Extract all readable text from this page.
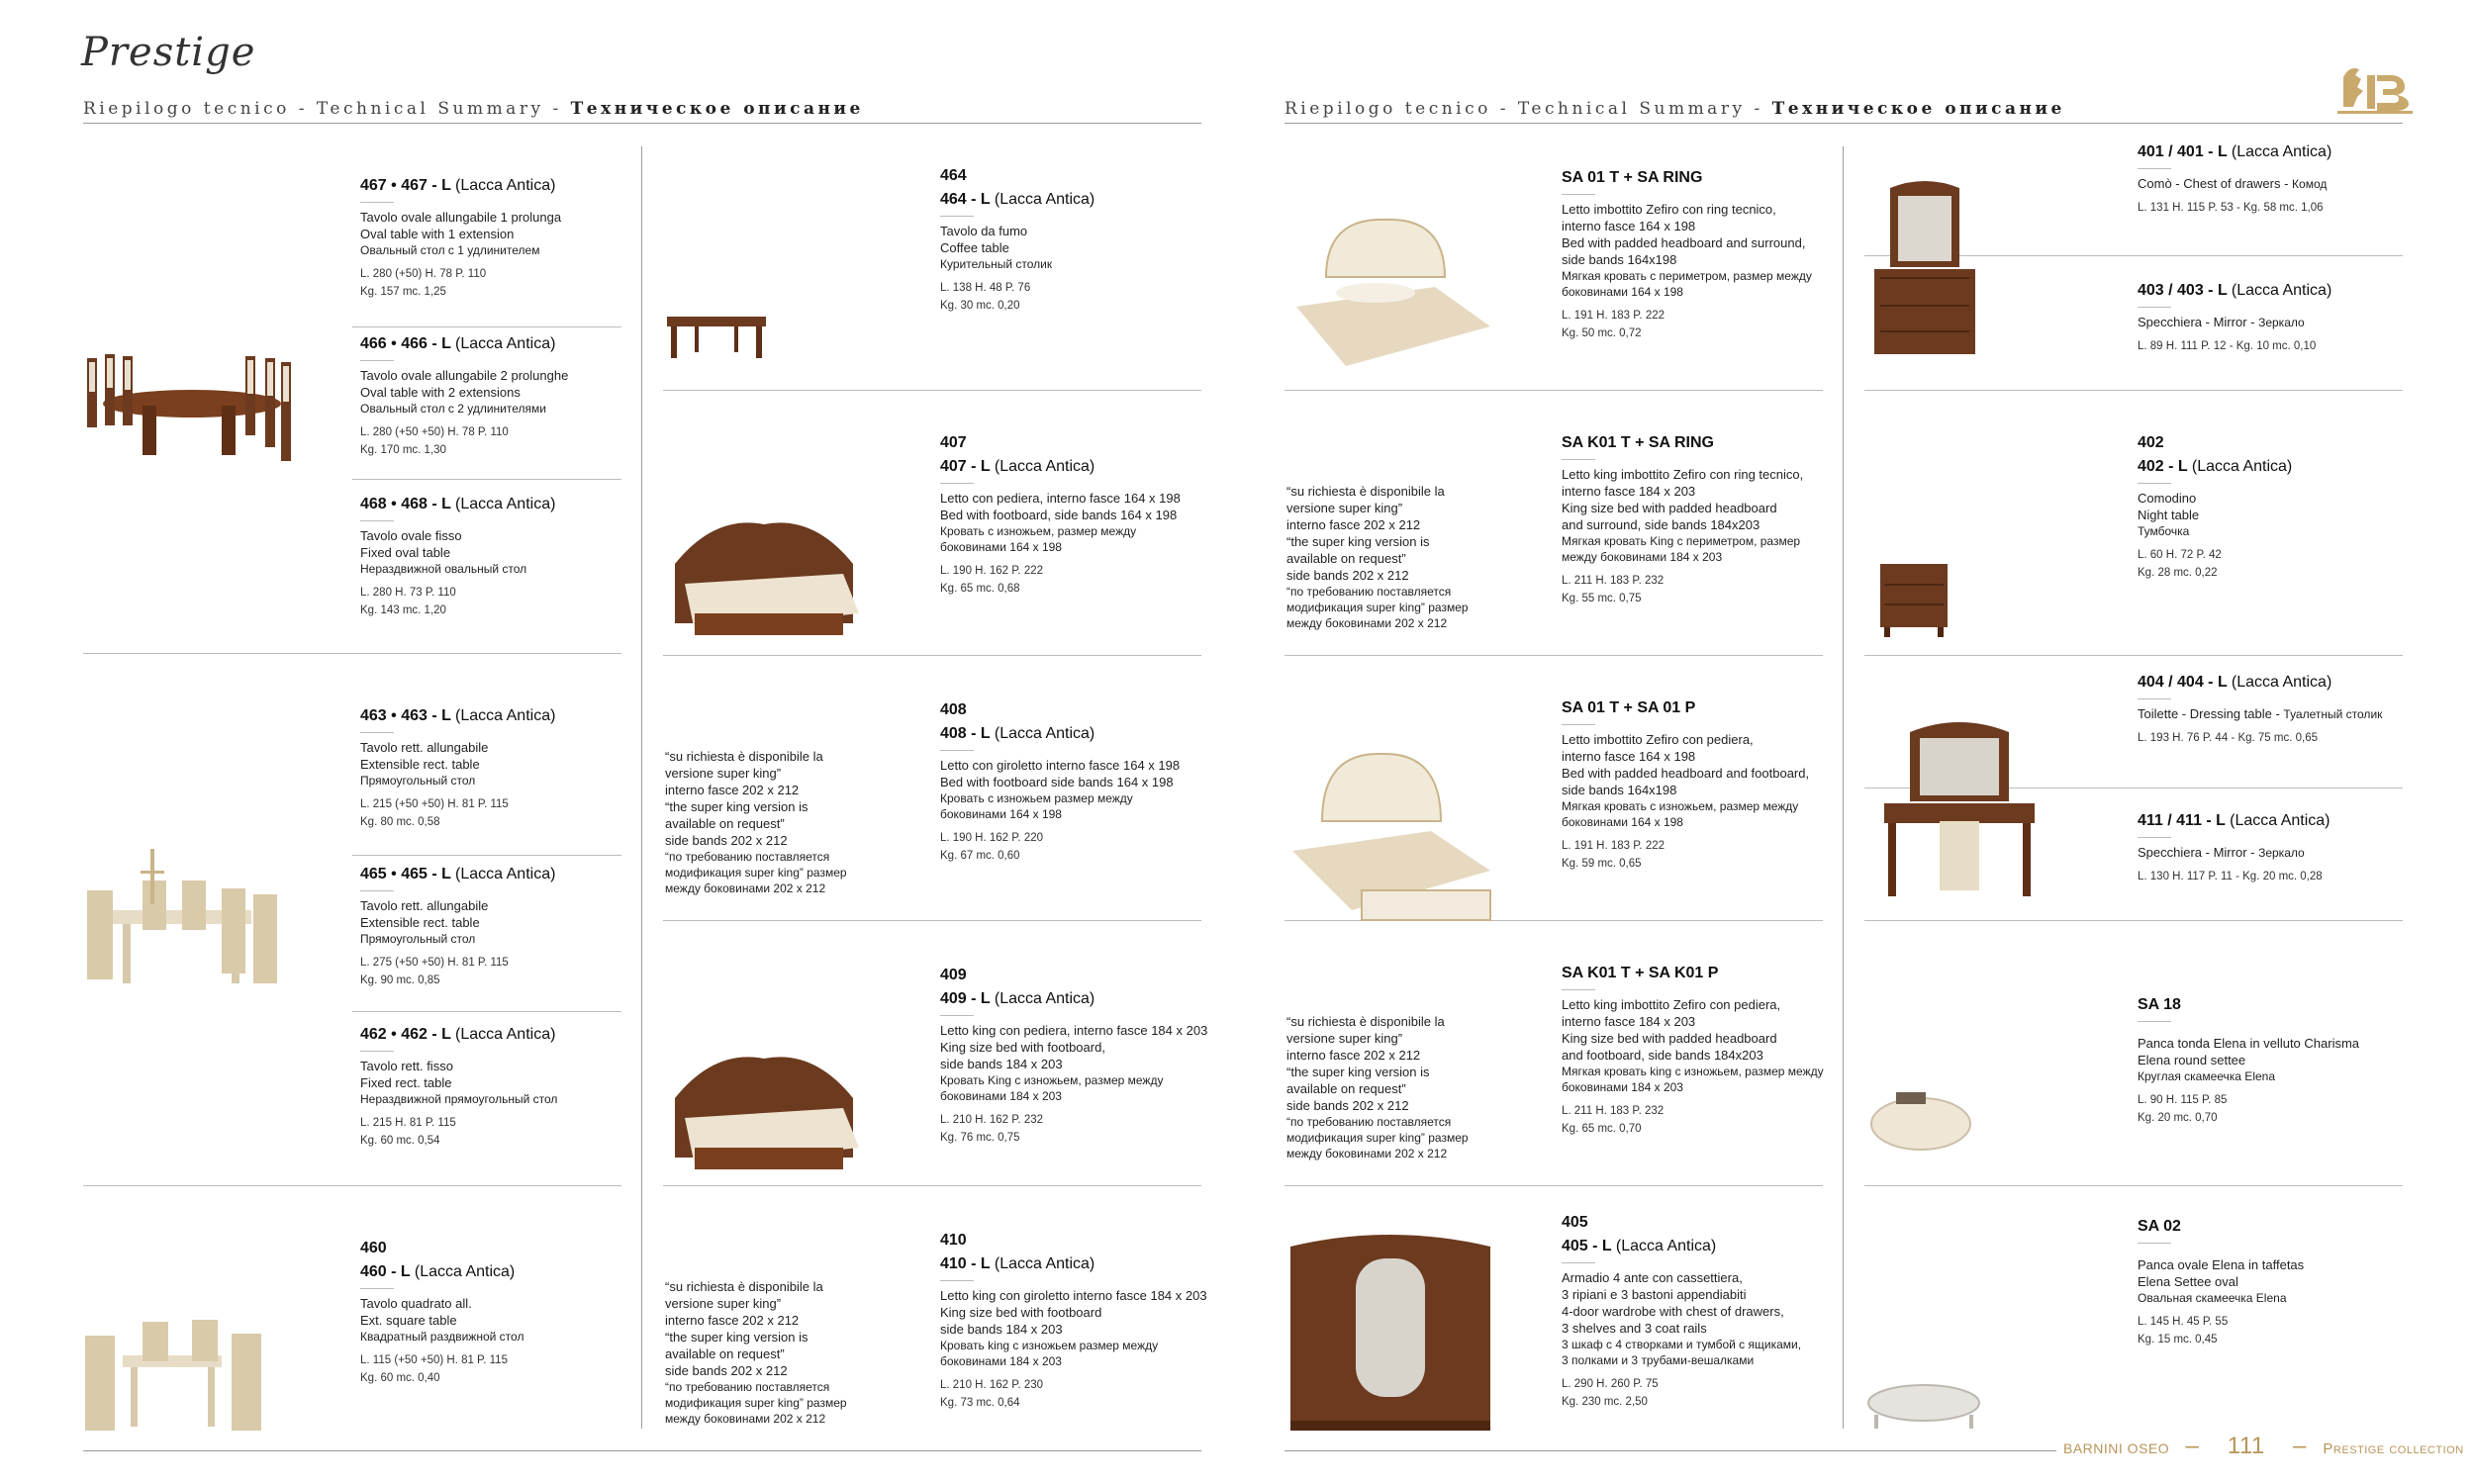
Prestige
Riepilogo tecnico - Technical Summary - Техническое описание	Riepilogo tecnico - Technical Summary - Техническое описание
467 • 467 - L (Lacca Antica)
Tavolo ovale allungabile 1 prolunga
Oval table with 1 extension
Овальный стол с 1 удлинителем
L. 280 (+50) H. 78 P. 110
Kg. 157 mc. 1,25
466 • 466 - L (Lacca Antica)
Tavolo ovale allungabile 2 prolunghe
Oval table with 2 extensions
Овальный стол с 2 удлинителями
L. 280 (+50 +50) H. 78 P. 110
Kg. 170 mc. 1,30
468 • 468 - L (Lacca Antica)
Tavolo ovale fisso
Fixed oval table
Нераздвижной овальный стол
L. 280 H. 73 P. 110
Kg. 143 mc. 1,20
463 • 463 - L (Lacca Antica)
Tavolo rett. allungabile
Extensible rect. table
Прямоугольный стол
L. 215 (+50 +50) H. 81 P. 115
Kg. 80 mc. 0,58
465 • 465 - L (Lacca Antica)
Tavolo rett. allungabile
Extensible rect. table
Прямоугольный стол
L. 275 (+50 +50) H. 81 P. 115
Kg. 90 mc. 0,85
462 • 462 - L (Lacca Antica)
Tavolo rett. fisso
Fixed rect. table
Нераздвижной прямоугольный стол
L. 215 H. 81 P. 115
Kg. 60 mc. 0,54
460
460 - L (Lacca Antica)
Tavolo quadrato all.
Ext. square table
Квадратный раздвижной стол
L. 115 (+50 +50) H. 81 P. 115
Kg. 60 mc. 0,40
464
464 - L (Lacca Antica)
Tavolo da fumo
Coffee table
Курительный столик
L. 138 H. 48 P. 76
Kg. 30 mc. 0,20
407
407 - L (Lacca Antica)
Letto con pediera, interno fasce 164 x 198
Bed with footboard, side bands 164 x 198
Кровать с изножьем, размер между
боковинами 164 x 198
L. 190 H. 162 P. 222
Kg. 65 mc. 0,68
“su richiesta è disponibile la
versione super king”
interno fasce 202 x 212
“the super king version is
available on request”
side bands 202 x 212
“по требованию поставляется
модификация super king” размер
между боковинами 202 x 212
408
408 - L (Lacca Antica)
Letto con giroletto interno fasce 164 x 198
Bed with footboard side bands 164 x 198
Кровать с изножьем размер между
боковинами 164 x 198
L. 190 H. 162 P. 220
Kg. 67 mc. 0,60
409
409 - L (Lacca Antica)
Letto king con pediera, interno fasce 184 x 203
King size bed with footboard,
side bands 184 x 203
Кровать King с изножьем, размер между
боковинами 184 x 203
L. 210 H. 162 P. 232
Kg. 76 mc. 0,75
“su richiesta è disponibile la
versione super king”
interno fasce 202 x 212
“the super king version is
available on request”
side bands 202 x 212
“по требованию поставляется
модификация super king” размер
между боковинами 202 x 212
410
410 - L (Lacca Antica)
Letto king con giroletto interno fasce 184 x 203
King size bed with footboard
side bands 184 x 203
Кровать king с изножьем размер между
боковинами 184 x 203
L. 210 H. 162 P. 230
Kg. 73 mc. 0,64
SA 01 T + SA RING
Letto imbottito Zefiro con ring tecnico,
interno fasce 164 x 198
Bed with padded headboard and surround,
side bands 164x198
Мягкая кровать с периметром, размер между
боковинами 164 x 198
L. 191 H. 183 P. 222
Kg. 50 mc. 0,72
“su richiesta è disponibile la
versione super king”
interno fasce 202 x 212
“the super king version is
available on request”
side bands 202 x 212
“по требованию поставляется
модификация super king” размер
между боковинами 202 x 212
SA K01 T + SA RING
Letto king imbottito Zefiro con ring tecnico,
interno fasce 184 x 203
King size bed with padded headboard
and surround, side bands 184x203
Мягкая кровать King с периметром, размер
между боковинами 184 x 203
L. 211 H. 183 P. 232
Kg. 55 mc. 0,75
SA 01 T + SA 01 P
Letto imbottito Zefiro con pediera,
interno fasce 164 x 198
Bed with padded headboard and footboard,
side bands 164x198
Мягкая кровать с изножьем, размер между
боковинами 164 x 198
L. 191 H. 183 P. 222
Kg. 59 mc. 0,65
“su richiesta è disponibile la
versione super king”
interno fasce 202 x 212
“the super king version is
available on request”
side bands 202 x 212
“по требованию поставляется
модификация super king” размер
между боковинами 202 x 212
SA K01 T + SA K01 P
Letto king imbottito Zefiro con pediera,
interno fasce 184 x 203
King size bed with padded headboard
and footboard, side bands 184x203
Мягкая кровать king с изножьем, размер между
боковинами 184 x 203
L. 211 H. 183 P. 232
Kg. 65 mc. 0,70
405
405 - L (Lacca Antica)
Armadio 4 ante con cassettiera,
3 ripiani e 3 bastoni appendiabiti
4-door wardrobe with chest of drawers,
3 shelves and 3 coat rails
3 шкаф с 4 створками и тумбой с ящиками,
3 полками и 3 трубами-вешалками
L. 290 H. 260 P. 75
Kg. 230 mc. 2,50
401 / 401 - L (Lacca Antica)
Comò - Chest of drawers - Комод
L. 131 H. 115 P. 53 - Kg. 58 mc. 1,06
403 / 403 - L (Lacca Antica)
Specchiera - Mirror - Зеркало
L. 89 H. 111 P. 12 - Kg. 10 mc. 0,10
402
402 - L (Lacca Antica)
Comodino
Night table
Тумбочка
L. 60 H. 72 P. 42
Kg. 28 mc. 0,22
404 / 404 - L (Lacca Antica)
Toilette - Dressing table - Туалетный столик
L. 193 H. 76 P. 44 - Kg. 75 mc. 0,65
411 / 411 - L (Lacca Antica)
Specchiera - Mirror - Зеркало
L. 130 H. 117 P. 11 - Kg. 20 mc. 0,28
SA 18
Panca tonda Elena in velluto Charisma
Elena round settee
Круглая скамеечка Elena
L. 90 H. 115 P. 85
Kg. 20 mc. 0,70
SA 02
Panca ovale Elena in taffetas
Elena Settee oval
Овальная скамеечка Elena
L. 145 H. 45 P. 55
Kg. 15 mc. 0,45
BARNINI OSEO – 111 – Prestige collection
